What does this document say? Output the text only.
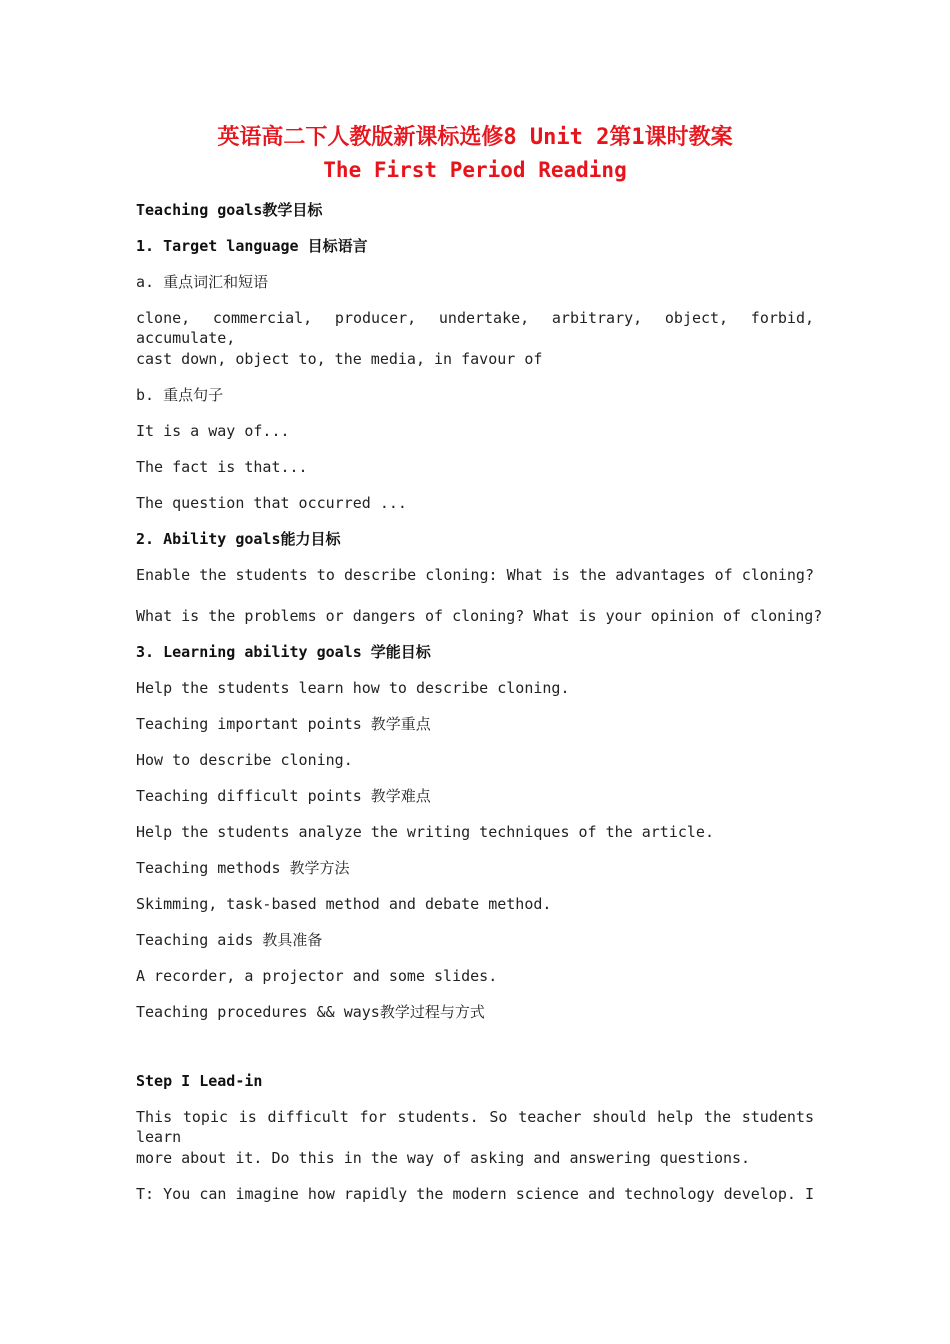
英语高二下人教版新课标选修8 Unit 2第1课时教案
The First Period Reading
Teaching goals教学目标
1. Target language 目标语言
a. 重点词汇和短语
clone, commercial, producer, undertake, arbitrary, object, forbid, accumulate,
cast down, object to, the media, in favour of
b. 重点句子
It is a way of...
The fact is that...
The question that occurred ...
2. Ability goals能力目标
Enable the students to describe cloning: What is the advantages of cloning?
What is the problems or dangers of cloning? What is your opinion of cloning?
3. Learning ability goals 学能目标
Help the students learn how to describe cloning.
Teaching important points 教学重点
How to describe cloning.
Teaching difficult points 教学难点
Help the students analyze the writing techniques of the article.
Teaching methods 教学方法
Skimming, task-based method and debate method.
Teaching aids 教具准备
A recorder, a projector and some slides.
Teaching procedures && ways教学过程与方式
Step I Lead-in
This topic is difficult for students. So teacher should help the students learn
more about it. Do this in the way of asking and answering questions.
T: You can imagine how rapidly the modern science and technology develop. I
